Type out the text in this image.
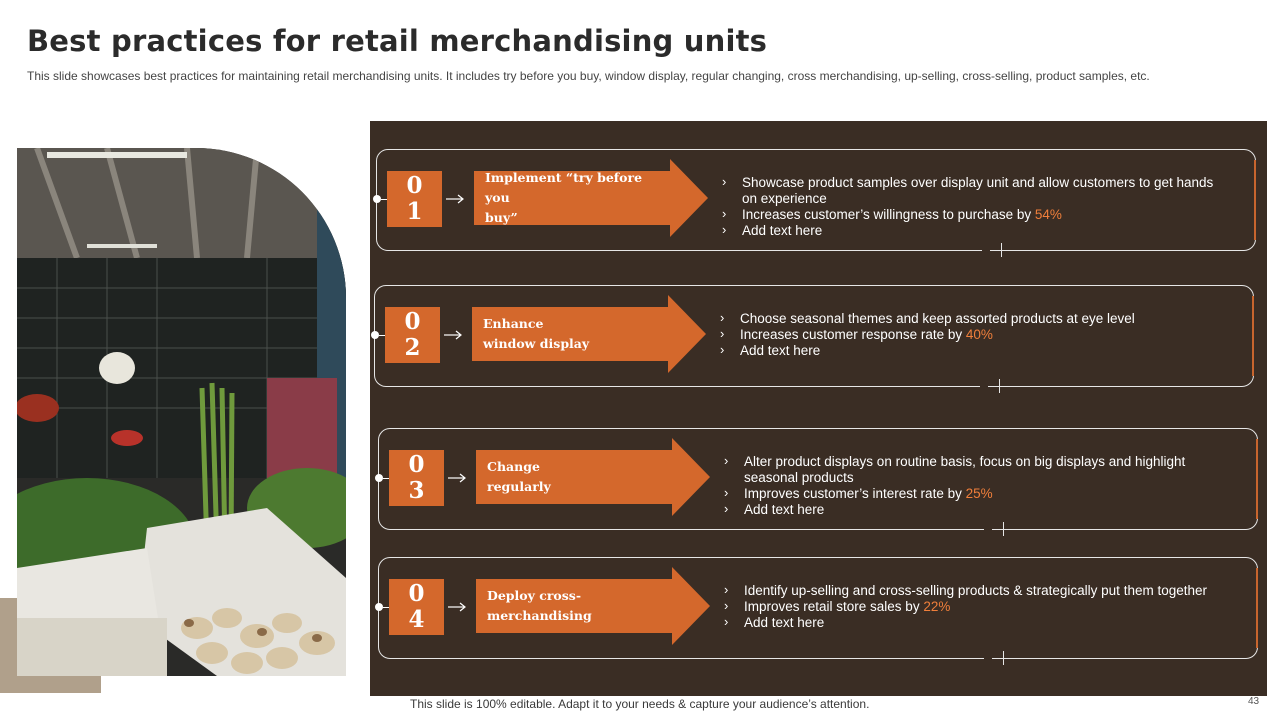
Best practices for retail merchandising units
This slide showcases best practices for maintaining retail merchandising units. It includes try before you buy, window display, regular changing, cross merchandising, up-selling, cross-selling, product samples, etc.
0
1
Implement “try before you
buy”
› Showcase product samples over display unit and allow customers to get hands on experience
› Increases customer’s willingness to purchase by 54%
› Add text here
0
2
Enhance
window display
› Choose seasonal themes and keep assorted products at eye level
› Increases customer response rate by 40%
› Add text here
0
3
Change
regularly
› Alter product displays on routine basis, focus on big displays and highlight seasonal products
› Improves customer’s interest rate by 25%
› Add text here
0
4
Deploy cross-merchandising
› Identify up-selling and cross-selling products & strategically put them together
› Improves retail store sales by 22%
› Add text here
This slide is 100% editable. Adapt it to your needs & capture your audience’s attention.	43
